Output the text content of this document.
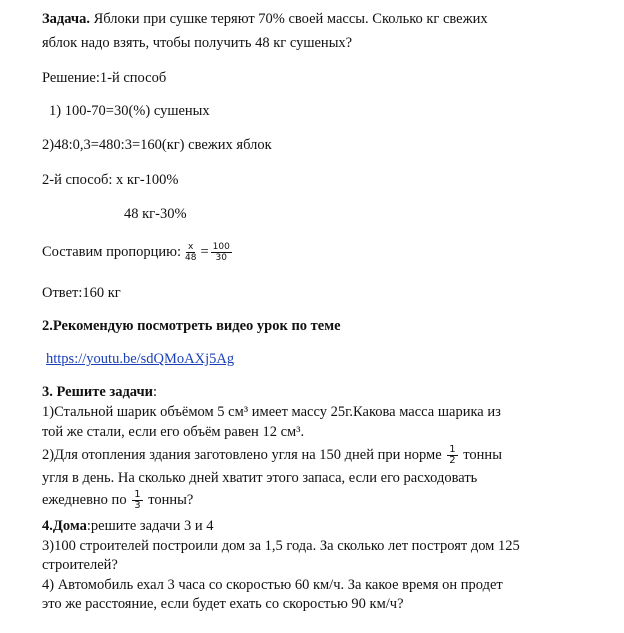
Задача. Яблоки при сушке теряют 70% своей массы. Сколько кг свежих
яблок надо взять, чтобы получить 48 кг сушеных?
Решение:1-й способ
1) 100-70=30(%) сушеных
2)48:0,3=480:3=160(кг) свежих яблок
2-й способ: х кг-100%
48 кг-30%
Составим пропорцию: $\frac{х}{48} = \frac{100}{30}$
Ответ:160 кг
2.Рекомендую посмотреть видео урок по теме
https://youtu.be/sdQMoAXj5Ag
3. Решите задачи:
1)Стальной шарик объёмом 5 см³ имеет массу 25г.Какова масса шарика из
той же стали, если его объём равен 12 см³.
2)Для отопления здания заготовлено угля на 150 дней при норме $\frac{1}{2}$ тонны
угля в день. На сколько дней хватит этого запаса, если его расходовать
ежедневно по $\frac{1}{3}$ тонны?
4.Дома:решите задачи 3 и 4
3)100 строителей построили дом за 1,5 года. За сколько лет построят дом 125
строителей?
4) Автомобиль ехал 3 часа со скоростью 60 км/ч. За какое время он продет
это же расстояние, если будет ехать со скоростью 90 км/ч?
